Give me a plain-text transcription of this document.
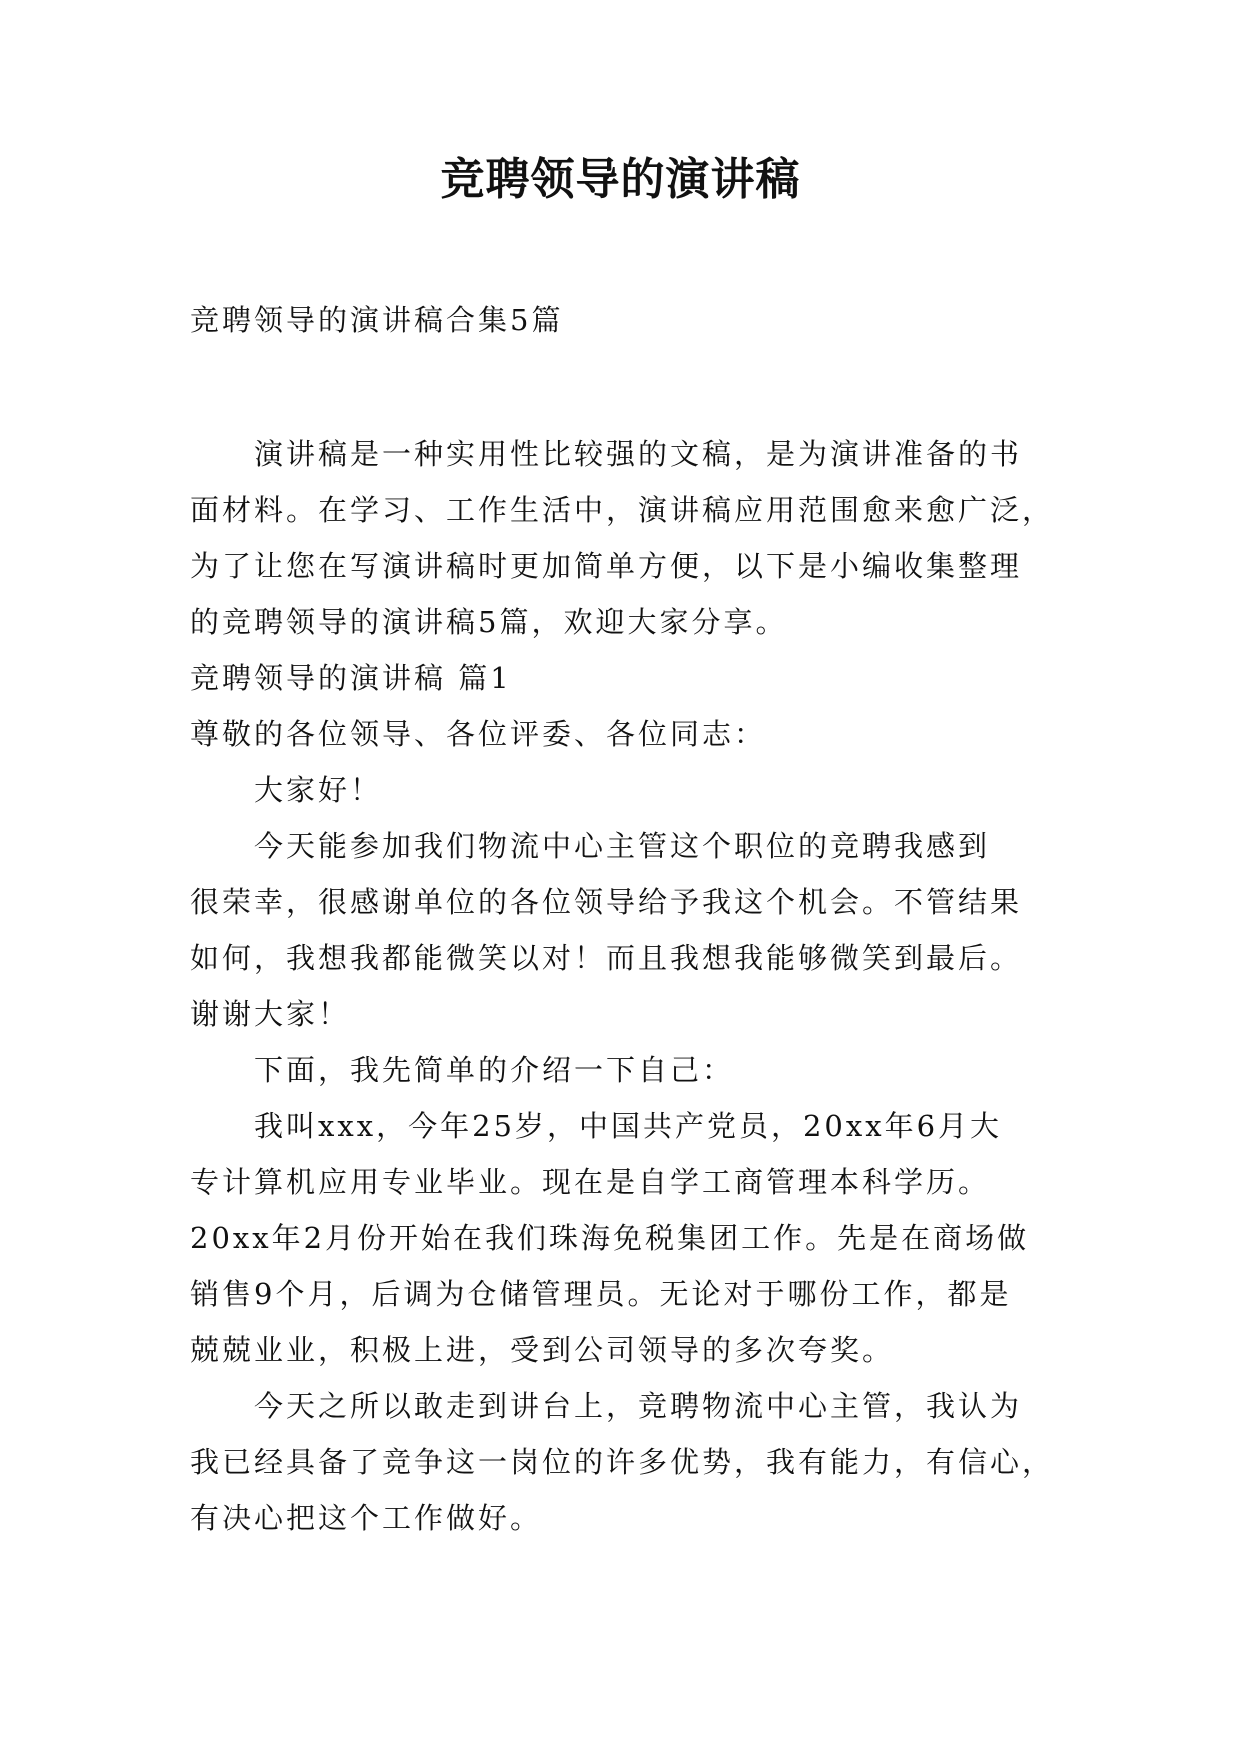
竞聘领导的演讲稿
竞聘领导的演讲稿合集5篇
演讲稿是一种实用性比较强的文稿，是为演讲准备的书
面材料。在学习、工作生活中，演讲稿应用范围愈来愈广泛，
为了让您在写演讲稿时更加简单方便，以下是小编收集整理
的竞聘领导的演讲稿5篇，欢迎大家分享。
竞聘领导的演讲稿 篇1
尊敬的各位领导、各位评委、各位同志：
大家好！
今天能参加我们物流中心主管这个职位的竞聘我感到
很荣幸，很感谢单位的各位领导给予我这个机会。不管结果
如何，我想我都能微笑以对！而且我想我能够微笑到最后。
谢谢大家！
下面，我先简单的介绍一下自己：
我叫xxx，今年25岁，中国共产党员，20xx年6月大
专计算机应用专业毕业。现在是自学工商管理本科学历。
20xx年2月份开始在我们珠海免税集团工作。先是在商场做
销售9个月，后调为仓储管理员。无论对于哪份工作，都是
兢兢业业，积极上进，受到公司领导的多次夸奖。
今天之所以敢走到讲台上，竞聘物流中心主管，我认为
我已经具备了竞争这一岗位的许多优势，我有能力，有信心，
有决心把这个工作做好。
